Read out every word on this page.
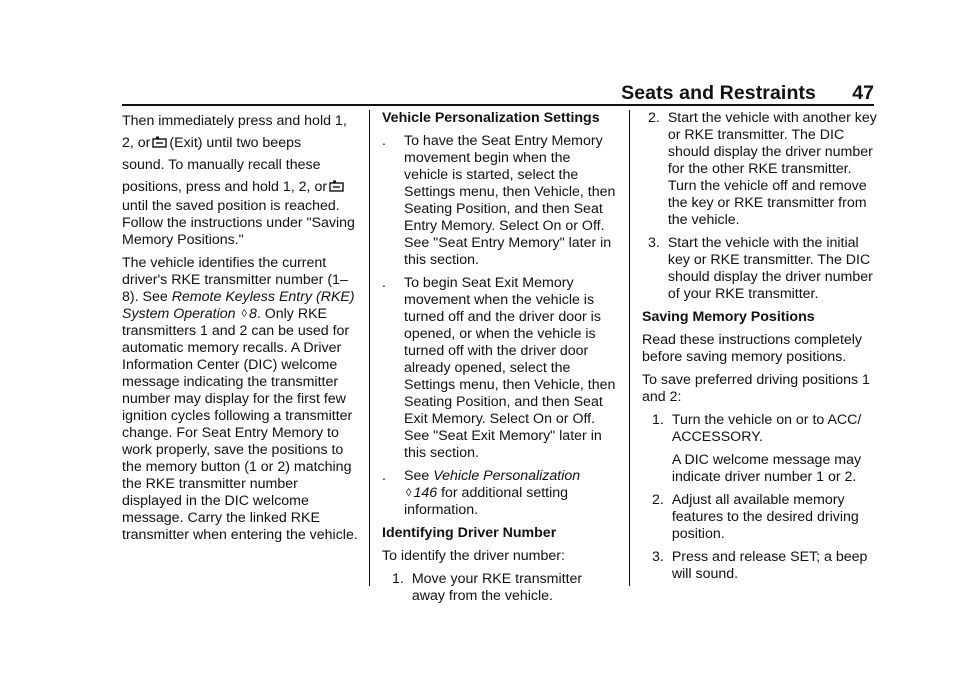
Seats and Restraints 47

Then immediately press and hold 1,
2, or (Exit) until two beeps
sound. To manually recall these
positions, press and hold 1, 2, or
until the saved position is reached. Follow the instructions under "Saving Memory Positions."

The vehicle identifies the current driver's RKE transmitter number (1–8). See Remote Keyless Entry (RKE) System Operation ◊ 8. Only RKE transmitters 1 and 2 can be used for automatic memory recalls. A Driver Information Center (DIC) welcome message indicating the transmitter number may display for the first few ignition cycles following a transmitter change. For Seat Entry Memory to work properly, save the positions to the memory button (1 or 2) matching the RKE transmitter number displayed in the DIC welcome message. Carry the linked RKE transmitter when entering the vehicle.

Vehicle Personalization Settings

.	To have the Seat Entry Memory movement begin when the vehicle is started, select the Settings menu, then Vehicle, then Seating Position, and then Seat Entry Memory. Select On or Off. See "Seat Entry Memory" later in this section.
.	To begin Seat Exit Memory movement when the vehicle is turned off and the driver door is opened, or when the vehicle is turned off with the driver door already opened, select the Settings menu, then Vehicle, then Seating Position, and then Seat Exit Memory. Select On or Off. See "Seat Exit Memory" later in this section.
.	See Vehicle Personalization
◊ 146 for additional setting information.

Identifying Driver Number

To identify the driver number:

1. Move your RKE transmitter away from the vehicle.
2. Start the vehicle with another key or RKE transmitter. The DIC should display the driver number for the other RKE transmitter. Turn the vehicle off and remove the key or RKE transmitter from the vehicle.
3. Start the vehicle with the initial key or RKE transmitter. The DIC should display the driver number of your RKE transmitter.

Saving Memory Positions

Read these instructions completely before saving memory positions.

To save preferred driving positions 1 and 2:

1. Turn the vehicle on or to ACC/ ACCESSORY.
A DIC welcome message may indicate driver number 1 or 2.
2. Adjust all available memory features to the desired driving position.
3. Press and release SET; a beep will sound.
